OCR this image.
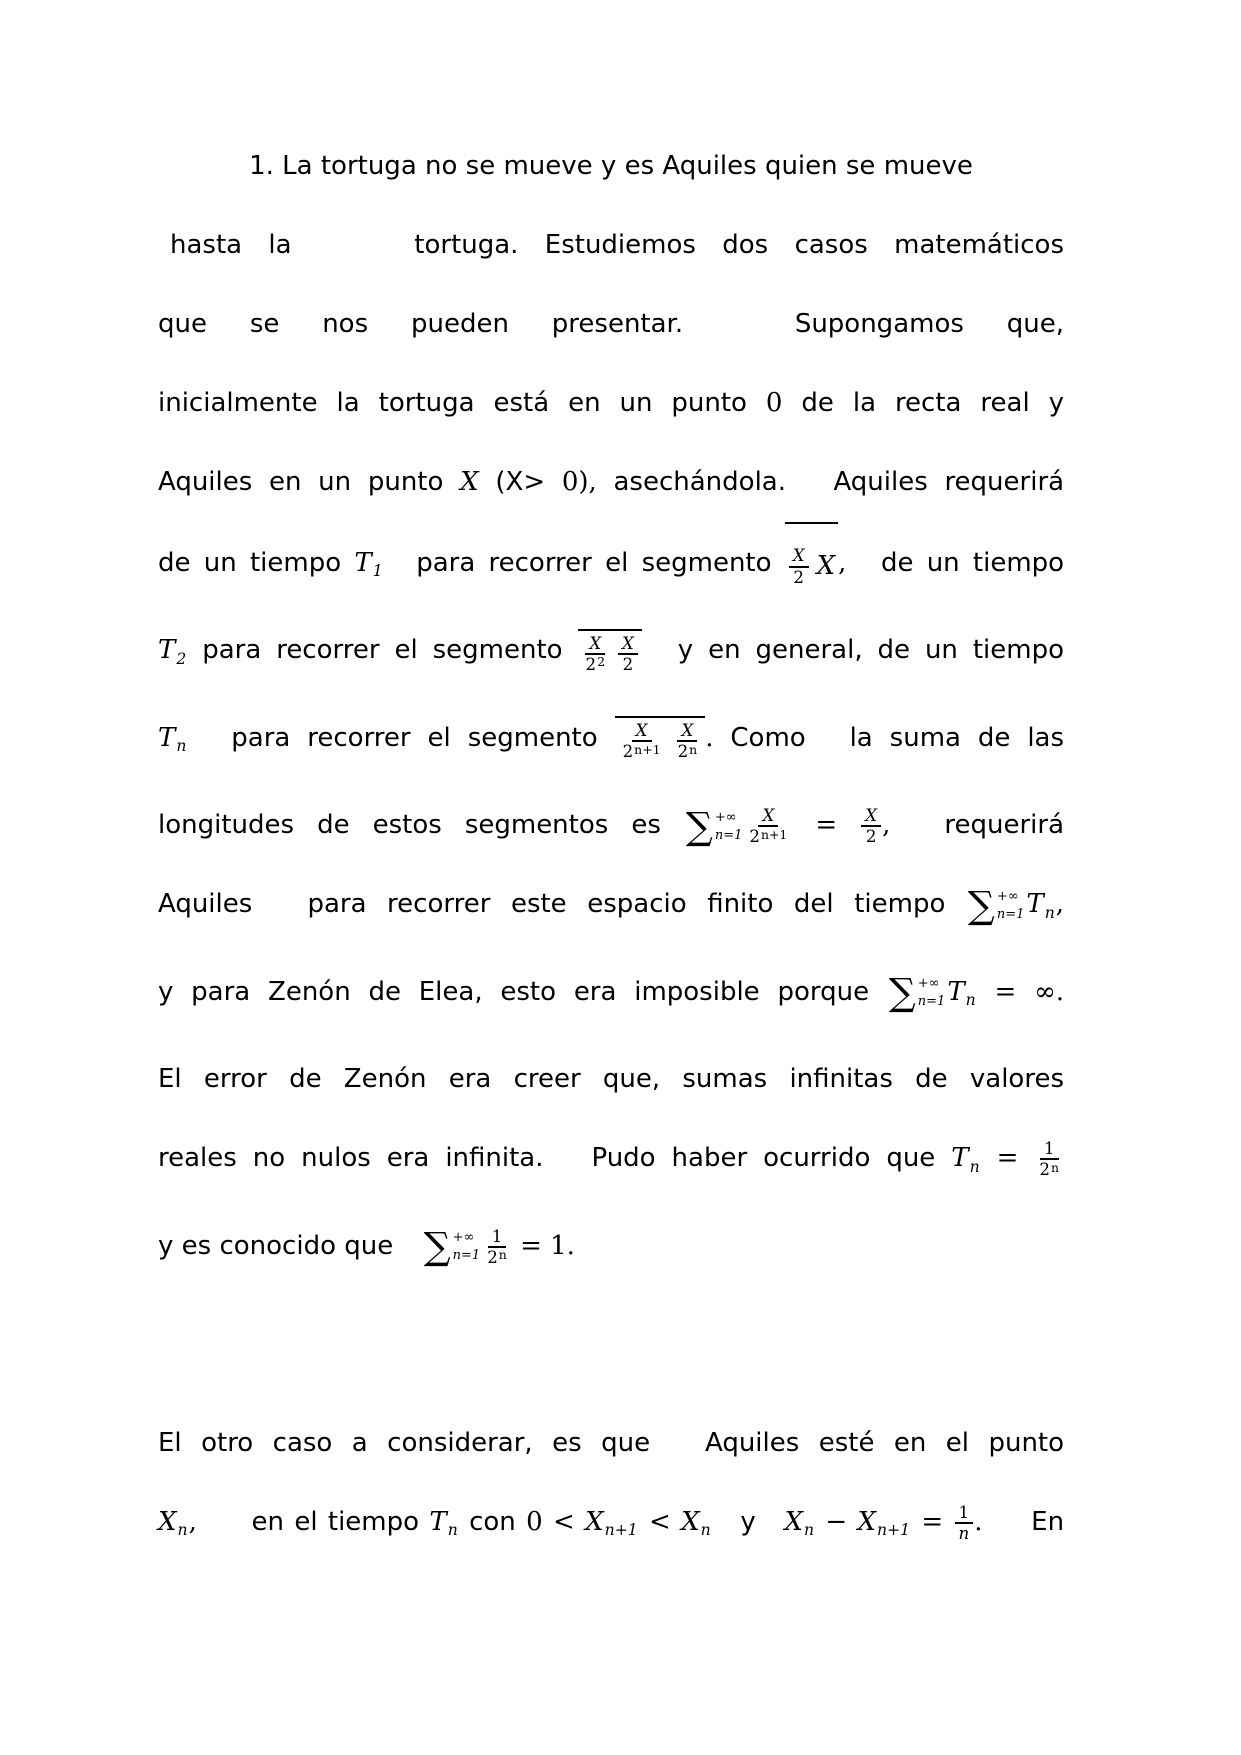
1. La tortuga no se mueve y es Aquiles quien se mueve
hasta la	tortuga. Estudiemos dos casos matemáticos
que se nos pueden presentar.	Supongamos que,
inicialmente la tortuga está en un punto 0 de la recta real y
Aquiles en un punto X (X> 0), asechándola. Aquiles requerirá
de un tiempo $T_1$ para recorrer el segmento $\frac{X}{2}$ X , de un tiempo
$T_2$ para recorrer el segmento $\frac{X}{2^2} \frac{X}{2}$ y en general, de un tiempo
$T_n$ para recorrer el segmento $\frac{X}{2^{n+1}} \frac{X}{2^n}$ . Como la suma de las
longitudes de estos segmentos es ∑ +∞
$n=1 \frac{X}{2^{n+1}} = \frac{X}{2}$ , requerirá
Aquiles para recorrer este espacio finito del tiempo ∑ +∞
n=1 $T_n$,
y para Zenón de Elea, esto era imposible porque ∑ +∞
n=1 $T_n$ = ∞.
El error de Zenón era creer que, sumas infinitas de valores
reales no nulos era infinita. Pudo haber ocurrido que $T_n = \frac{1}{2^n}$
y es conocido que ∑ +∞
$n=1 \frac{1}{2^n} = 1$.
El otro caso a considerar, es que Aquiles esté en el punto
$X_n$, en el tiempo $T_n$ con $0 < X_{n+1} < X_n$ y $X_n - X_{n+1} = \frac{1}{n}$ . En
